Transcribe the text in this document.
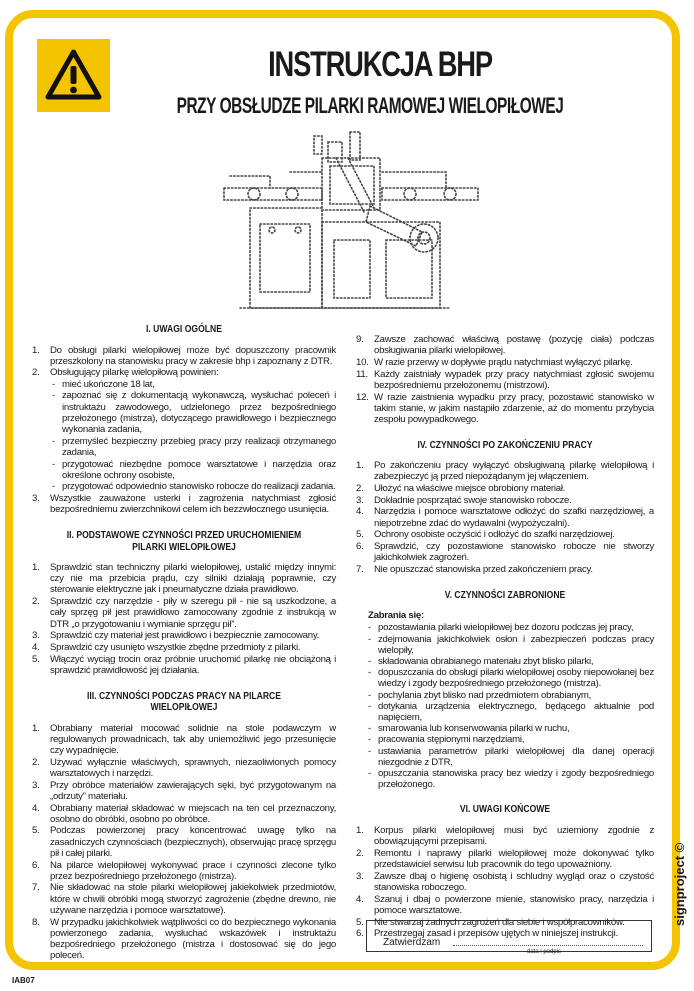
INSTRUKCJA BHP
PRZY OBSŁUDZE PILARKI RAMOWEJ WIELOPIŁOWEJ
I. UWAGI OGÓLNE
1.	Do obsługi pilarki wielopiłowej może być dopuszczony pracownik przeszkolony na stanowisku pracy w zakresie bhp i zapoznany z DTR.
2.	Obsługujący pilarkę wielopiłową powinien:
- mieć ukończone 18 lat,
- zapoznać się z dokumentacją wykonawczą, wysłuchać poleceń i instruktażu zawodowego, udzielonego przez bezpośredniego przełożonego (mistrza), dotyczącego prawidłowego i bezpiecznego wykonania zadania,
- przemyśleć bezpieczny przebieg pracy przy realizacji otrzymanego zadania,
- przygotować niezbędne pomoce warsztatowe i narzędzia oraz określone ochrony osobiste,
- przygotować odpowiednio stanowisko robocze do realizacji zadania.
3.	Wszystkie zauważone usterki i zagrożenia natychmiast zgłosić bezpośredniemu zwierzchnikowi celem ich bezzwłocznego usunięcia.
II. PODSTAWOWE CZYNNOŚCI PRZED URUCHOMIENIEM PILARKI WIELOPIŁOWEJ
1.	Sprawdzić stan techniczny pilarki wielopiłowej, ustalić między innymi: czy nie ma przebicia prądu, czy silniki działają poprawnie, czy sterowanie elektryczne jak i pneumatyczne działa prawidłowo.
2.	Sprawdzić czy narzędzie - piły w szeregu pił - nie są uszkodzone, a cały sprzęg pił jest prawidłowo zamocowany zgodnie z instrukcją w DTR „o przygotowaniu i wymianie sprzęgu pił”.
3.	Sprawdzić czy materiał jest prawidłowo i bezpiecznie zamocowany.
4.	Sprawdzić czy usunięto wszystkie zbędne przedmioty z pilarki.
5.	Włączyć wyciąg trocin oraz próbnie uruchomić pilarkę nie obciążoną i sprawdzić prawidłowość jej działania.
III. CZYNNOŚCI PODCZAS PRACY NA PILARCE WIELOPIŁOWEJ
1.	Obrabiany materiał mocować solidnie na stole podawczym w regulowanych prowadnicach, tak aby uniemożliwić jego przesunięcie czy wypadnięcie.
2.	Używać wyłącznie właściwych, sprawnych, niezaoliwionych pomocy warsztatowych i narzędzi.
3.	Przy obróbce materiałów zawierających sęki, być przygotowanym na „odrzuty” materiału.
4.	Obrabiany materiał składować w miejscach na ten cel przeznaczony, osobno do obróbki, osobno po obróbce.
5.	Podczas powierzonej pracy koncentrować uwagę tylko na zasadniczych czynnościach (bezpiecznych), obserwując pracę sprzęgu pił i całej pilarki.
6.	Na pilarce wielopiłowej wykonywać prace i czynności zlecone tylko przez bezpośredniego przełożonego (mistrza).
7.	Nie składować na stole pilarki wielopiłowej jakiekolwiek przedmiotów, które w chwili obróbki mogą stworzyć zagrożenie (zbędne drewno, nie używane narzędzia i pomoce warsztatowe).
8.	W przypadku jakichkolwiek wątpliwości co do bezpiecznego wykonania powierzonego zadania, wysłuchać wskazówek i instruktażu bezpośredniego przełożonego (mistrza i dostosować się do jego poleceń.
9.	Zawsze zachować właściwą postawę (pozycję ciała) podczas obsługiwania pilarki wielopiłowej.
10. W razie przerwy w dopływie prądu natychmiast wyłączyć pilarkę.
11. Każdy zaistniały wypadek przy pracy natychmiast zgłosić swojemu bezpośredniemu przełożonemu (mistrzowi).
12. W razie zaistnienia wypadku przy pracy, pozostawić stanowisko w takim stanie, w jakim nastąpiło zdarzenie, aż do momentu przybycia zespołu powypadkowego.
IV. CZYNNOŚCI PO ZAKOŃCZENIU PRACY
1.	Po zakończeniu pracy wyłączyć obsługiwaną pilarkę wielopiłową i zabezpieczyć ją przed niepożądanym jej włączeniem.
2.	Ułożyć na właściwe miejsce obrobiony materiał.
3.	Dokładnie posprzątać swoje stanowisko robocze.
4.	Narzędzia i pomoce warsztatowe odłożyć do szafki narzędziowej, a niepotrzebne zdać do wydawalni (wypożyczalni).
5.	Ochrony osobiste oczyścić i odłożyć do szafki narzędziowej.
6.	Sprawdzić, czy pozostawione stanowisko robocze nie stworzy jakichkolwiek zagrożeń.
7.	Nie opuszczać stanowiska przed zakończeniem pracy.
V. CZYNNOŚCI ZABRONIONE
Zabrania się:
- pozostawiania pilarki wielopiłowej bez dozoru podczas jej pracy,
- zdejmowania jakichkolwiek osłon i zabezpieczeń podczas pracy wielopiły,
- składowania obrabianego materiału zbyt blisko pilarki,
- dopuszczania do obsługi pilarki wielopiłowej osoby niepowołanej bez wiedzy i zgody bezpośredniego przełożonego (mistrza).
- pochylania zbyt blisko nad przedmiotem obrabianym,
- dotykania urządzenia elektrycznego, będącego aktualnie pod napięciem,
- smarowania lub konserwowania pilarki w ruchu,
- pracowania stępionymi narzędziami,
- ustawiania parametrów pilarki wielopiłowej dla danej operacji niezgodnie z DTR,
- opuszczania stanowiska pracy bez wiedzy i zgody bezpośredniego przełożonego.
VI. UWAGI KOŃCOWE
1.	Korpus pilarki wielopiłowej musi być uziemiony zgodnie z obowiązującymi przepisami.
2.	Remontu i naprawy pilarki wielopiłowej może dokonywać tylko przedstawiciel serwisu lub pracownik do tego upoważniony.
3.	Zawsze dbaj o higienę osobistą i schludny wygląd oraz o czystość stanowiska roboczego.
4.	Szanuj i dbaj o powierzone mienie, stanowisko pracy, narzędzia i pomoce warsztatowe.
5.	Nie stwarzaj żadnych zagrożeń dla siebie i współpracowników.
6.	Przestrzegaj zasad i przepisów ujętych w niniejszej instrukcji.
Zatwierdzam
data i podpis
signproject ©
IAB07
